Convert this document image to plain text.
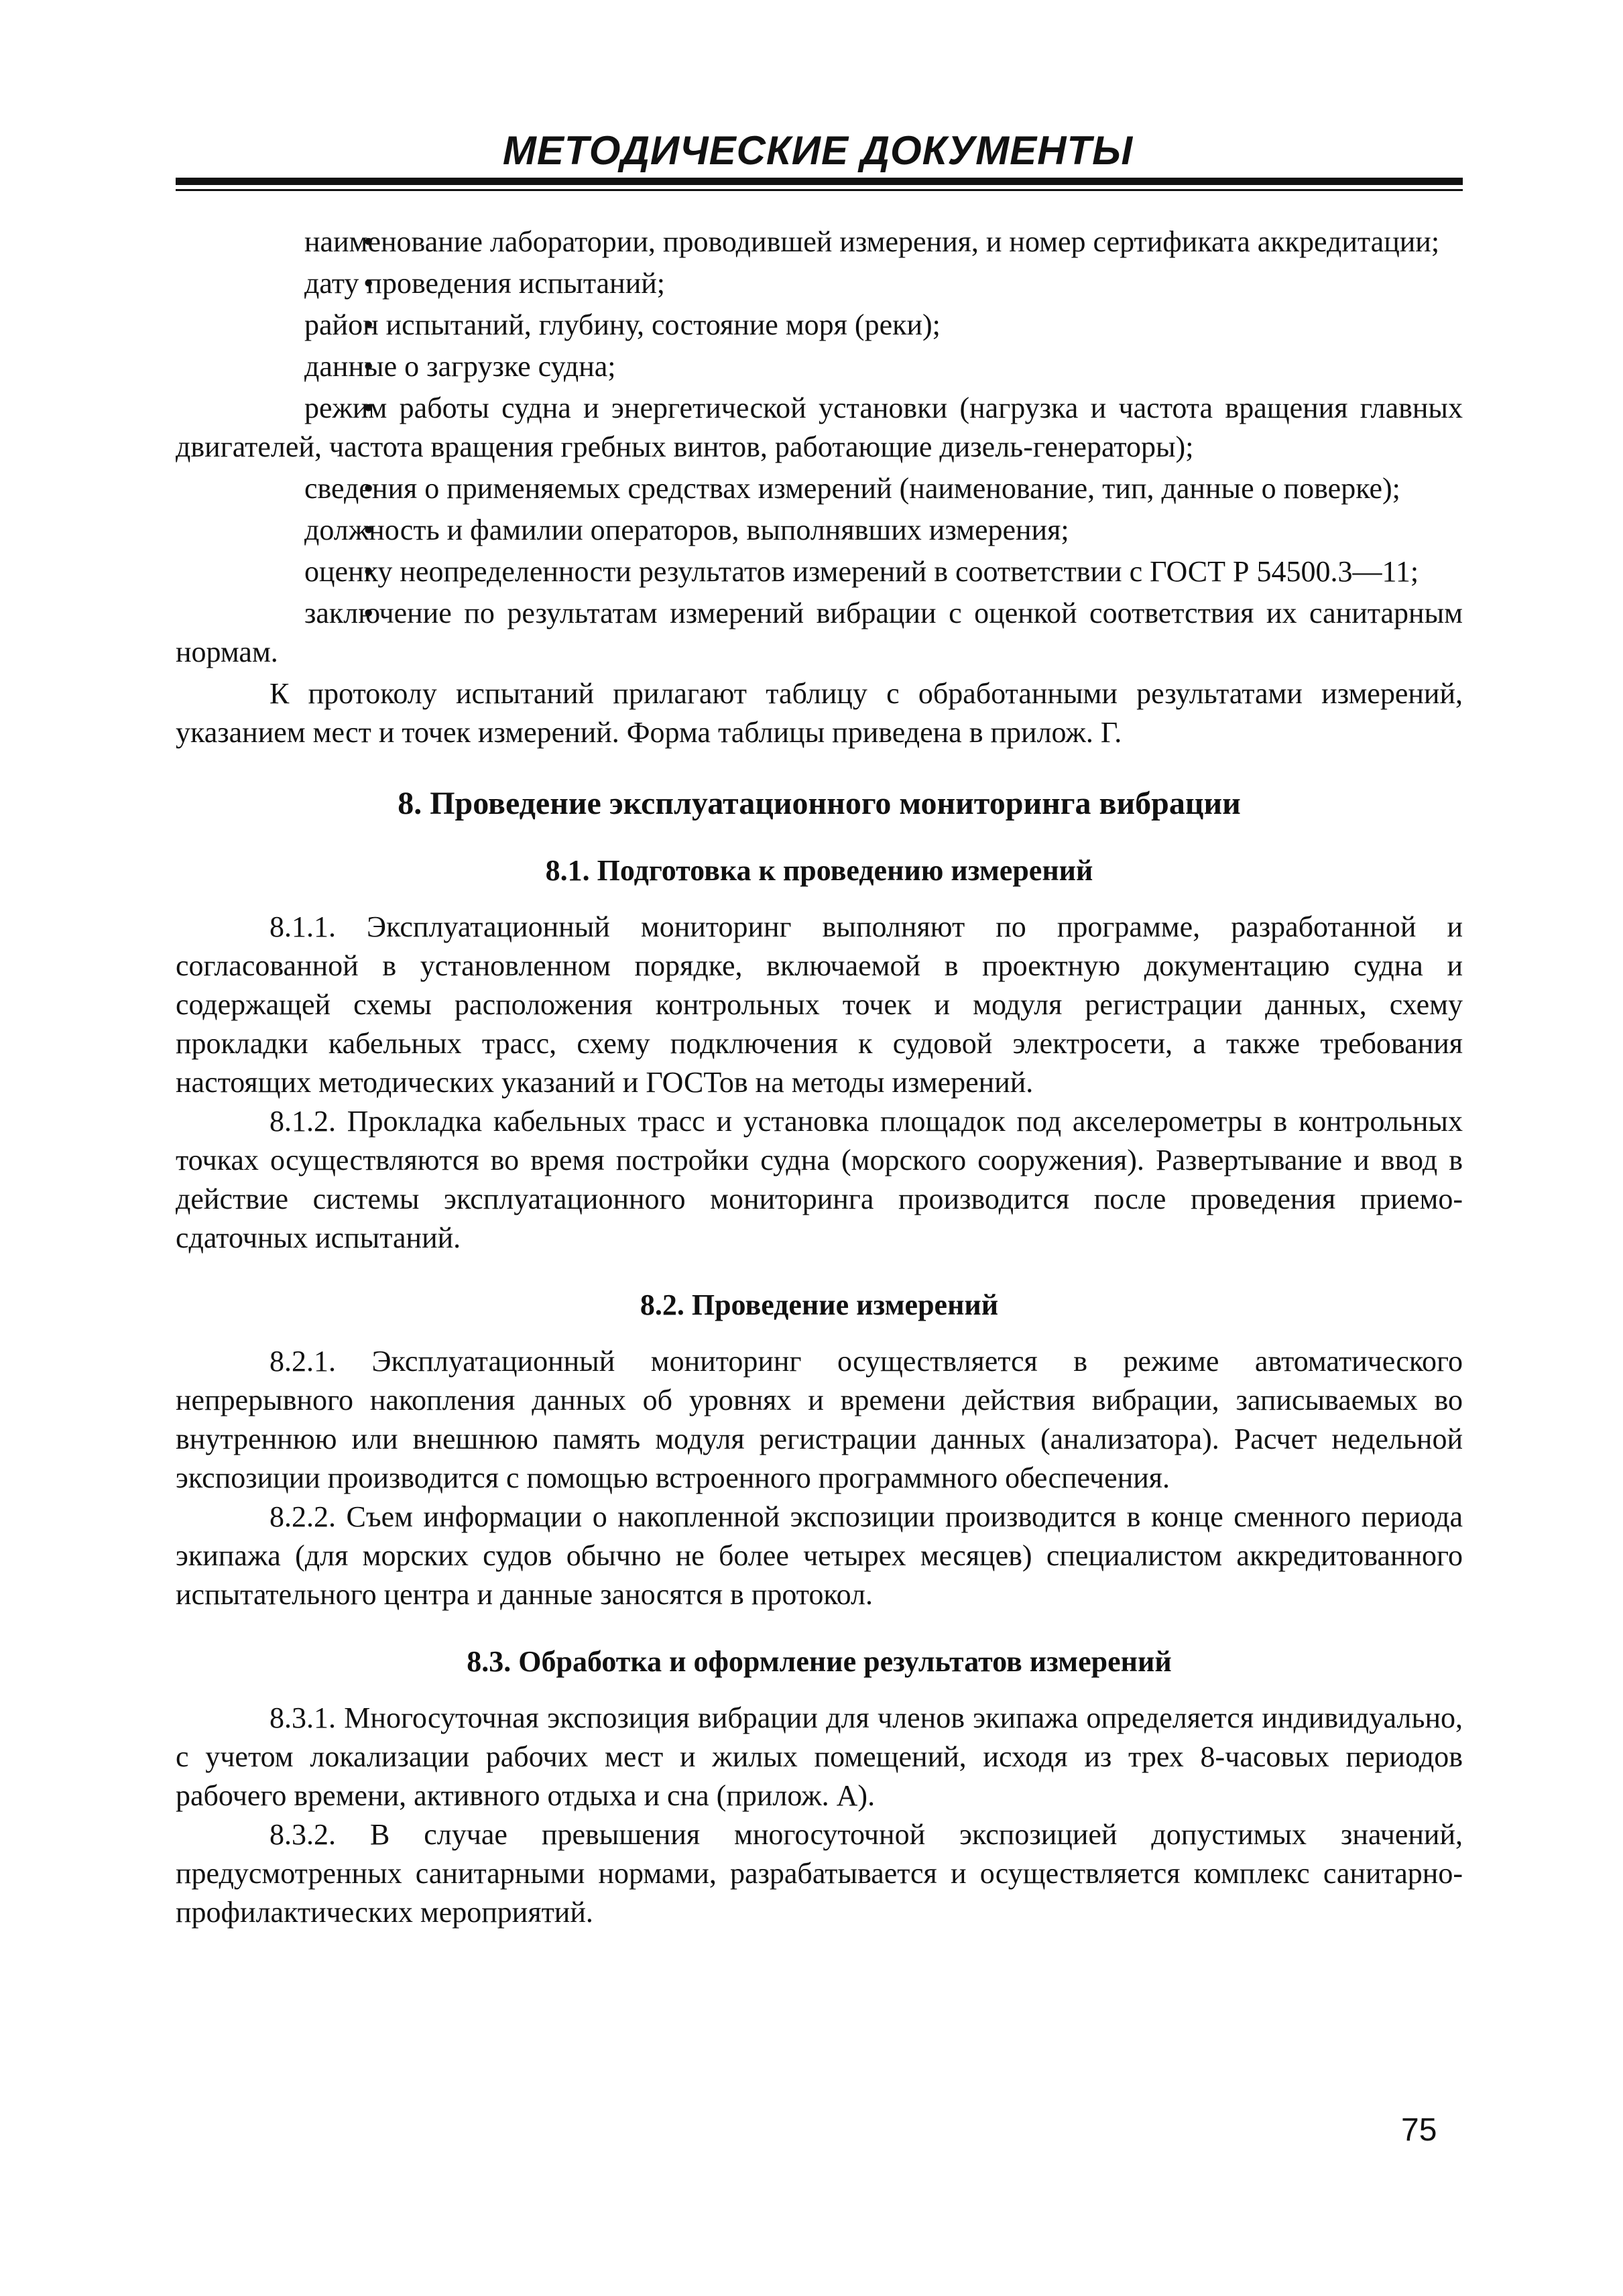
МЕТОДИЧЕСКИЕ ДОКУМЕНТЫ

•наименование лаборатории, проводившей измерения, и номер сертификата аккредитации;

•дату проведения испытаний;

•район испытаний, глубину, состояние моря (реки);

•данные о загрузке судна;

•режим работы судна и энергетической установки (нагрузка и частота вращения главных двигателей, частота вращения гребных винтов, работающие дизель-генераторы);

•сведения о применяемых средствах измерений (наименование, тип, данные о поверке);

•должность и фамилии операторов, выполнявших измерения;

•оценку неопределенности результатов измерений в соответствии с ГОСТ Р 54500.3—11;

•заключение по результатам измерений вибрации с оценкой соответствия их санитарным нормам.

К протоколу испытаний прилагают таблицу с обработанными результатами измерений, указанием мест и точек измерений. Форма таблицы приведена в прилож. Г.

8. Проведение эксплуатационного мониторинга вибрации
8.1. Подготовка к проведению измерений

8.1.1. Эксплуатационный мониторинг выполняют по программе, разработанной и согласованной в установленном порядке, включаемой в проектную документацию судна и содержащей схемы расположения контрольных точек и модуля регистрации данных, схему прокладки кабельных трасс, схему подключения к судовой электросети, а также требования настоящих методических указаний и ГОСТов на методы измерений.

8.1.2. Прокладка кабельных трасс и установка площадок под акселерометры в контрольных точках осуществляются во время постройки судна (морского сооружения). Развертывание и ввод в действие системы эксплуатационного мониторинга производится после проведения приемо-сдаточных испытаний.

8.2. Проведение измерений

8.2.1. Эксплуатационный мониторинг осуществляется в режиме автоматического непрерывного накопления данных об уровнях и времени действия вибрации, записываемых во внутреннюю или внешнюю память модуля регистрации данных (анализатора). Расчет недельной экспозиции производится с помощью встроенного программного обеспечения.

8.2.2. Съем информации о накопленной экспозиции производится в конце сменного периода экипажа (для морских судов обычно не более четырех месяцев) специалистом аккредитованного испытательного центра и данные заносятся в протокол.

8.3. Обработка и оформление результатов измерений

8.3.1. Многосуточная экспозиция вибрации для членов экипажа определяется индивидуально, с учетом локализации рабочих мест и жилых помещений, исходя из трех 8-часовых периодов рабочего времени, активного отдыха и сна (прилож. А).

8.3.2. В случае превышения многосуточной экспозицией допустимых значений, предусмотренных санитарными нормами, разрабатывается и осуществляется комплекс санитарно-профилактических мероприятий.

75
